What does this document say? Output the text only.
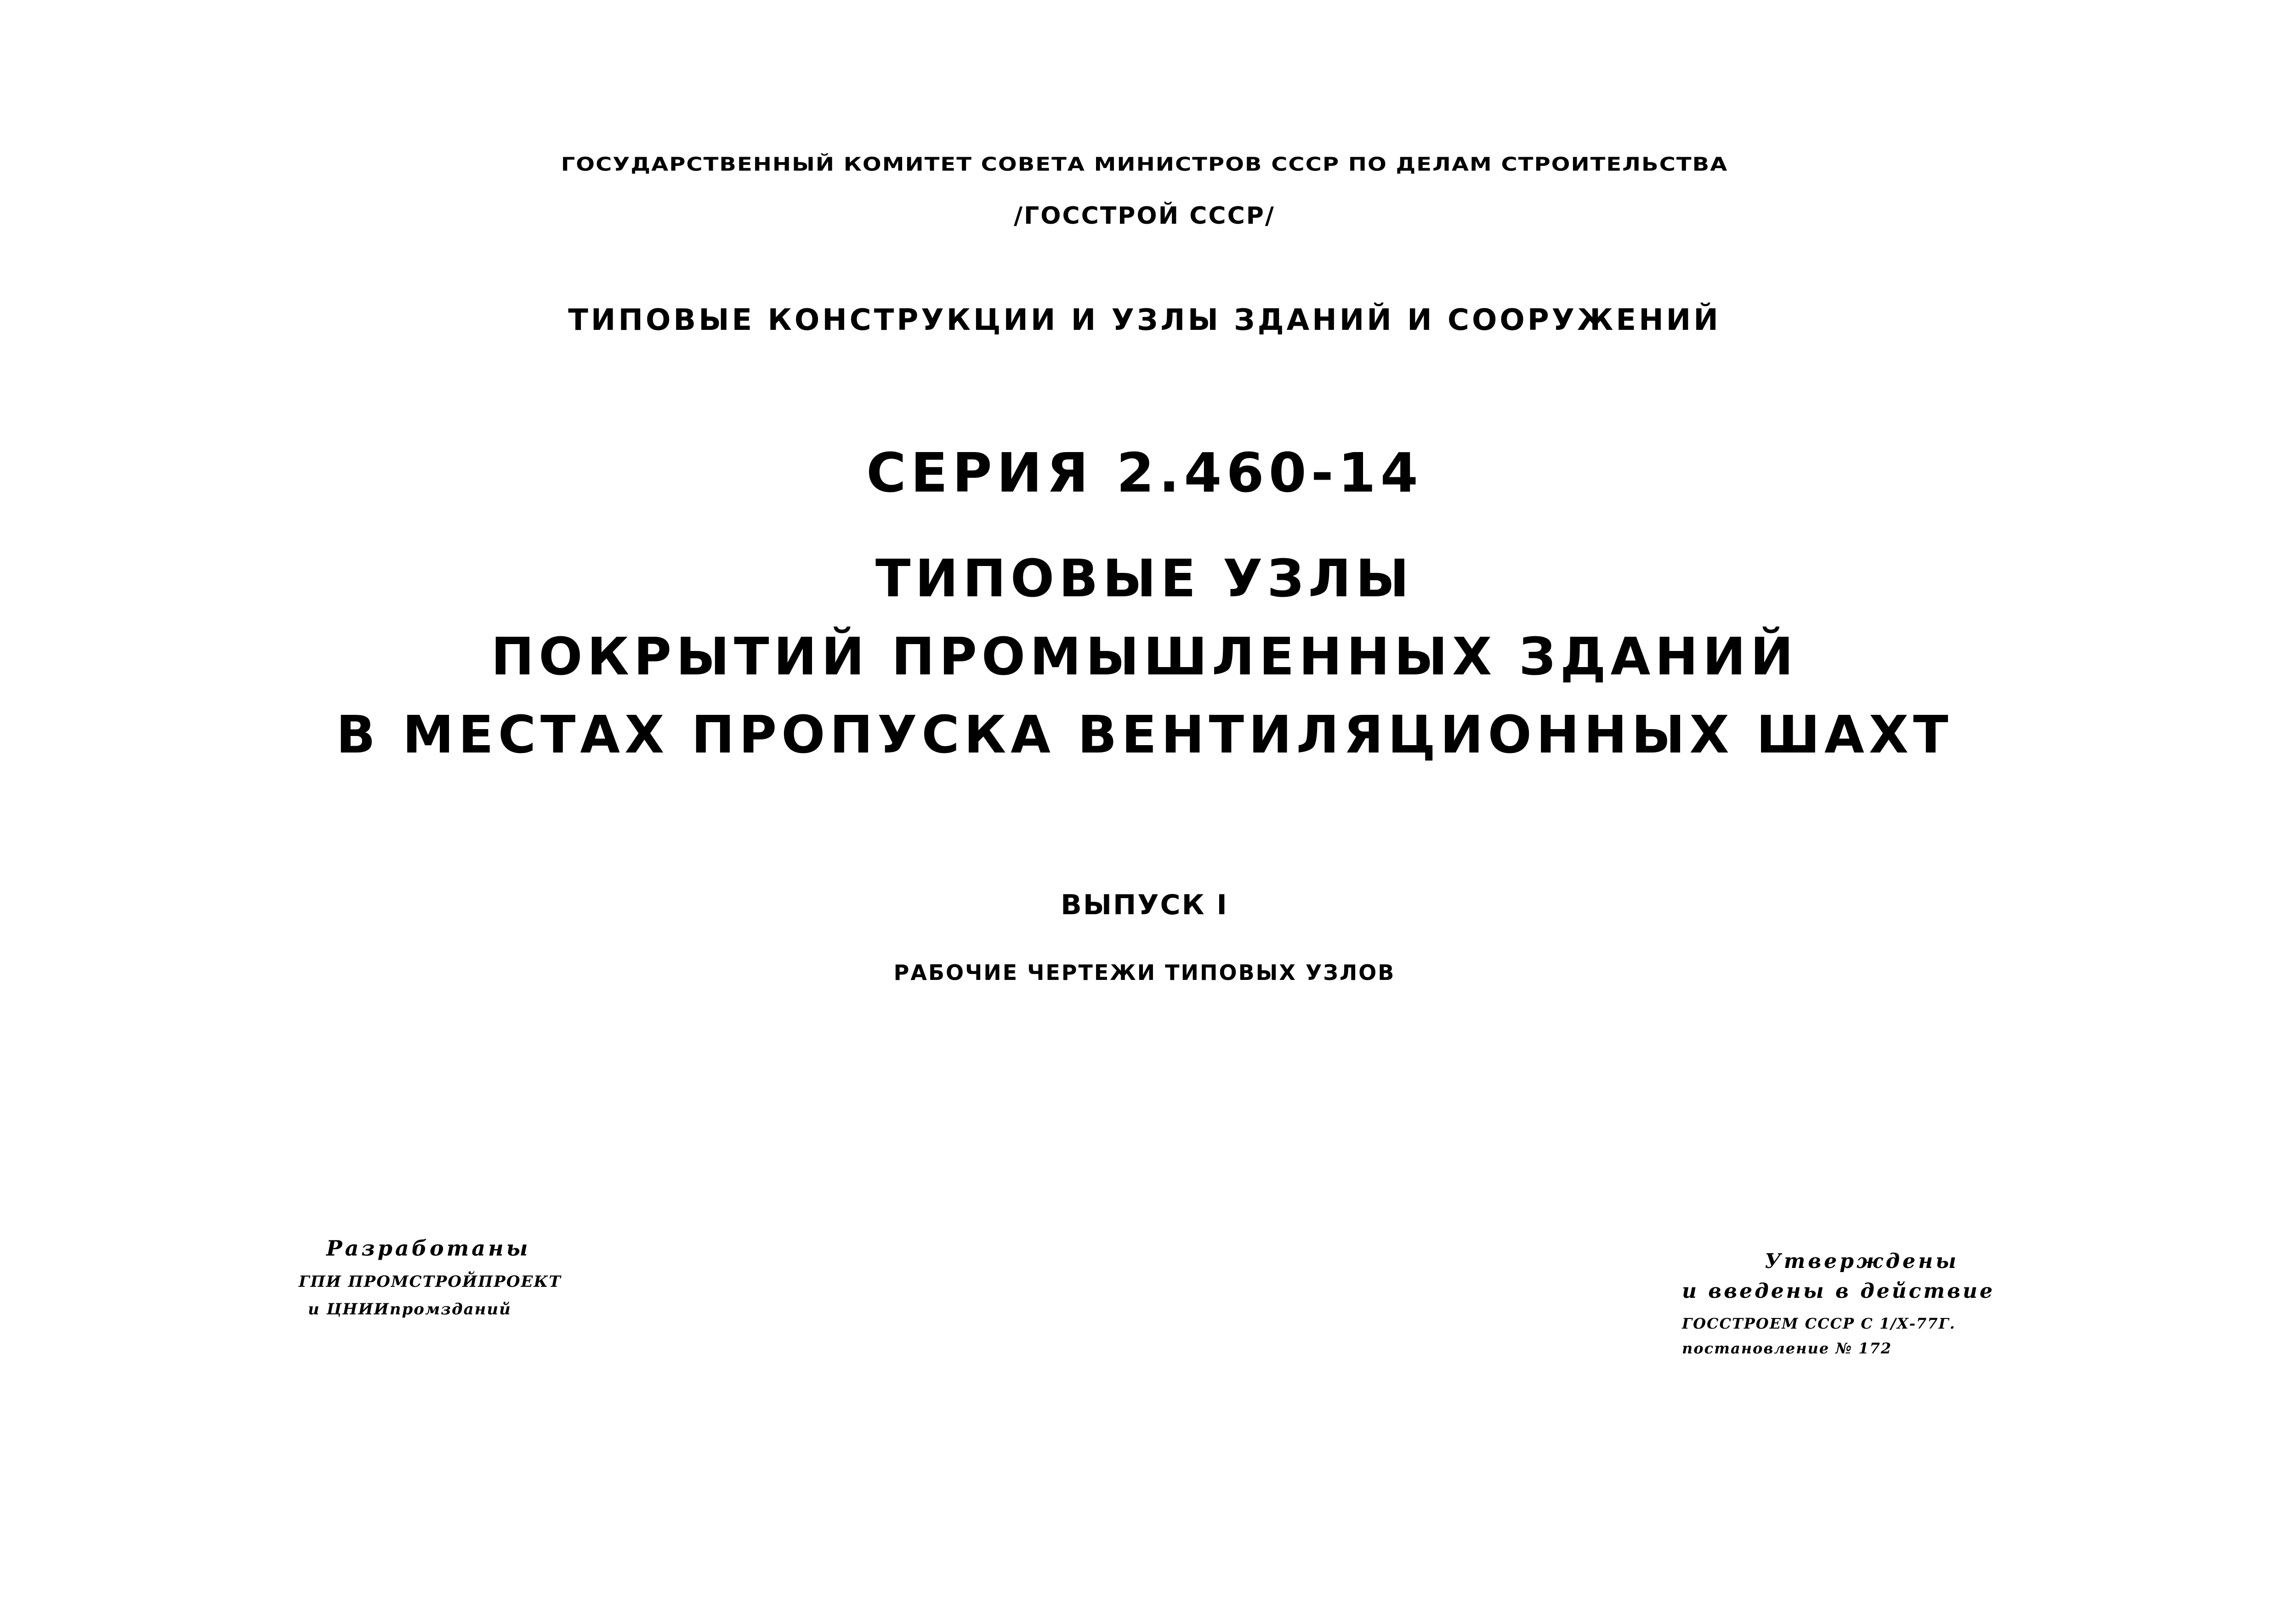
ГОСУДАРСТВЕННЫЙ КОМИТЕТ СОВЕТА МИНИСТРОВ СССР ПО ДЕЛАМ СТРОИТЕЛЬСТВА
/ГОССТРОЙ СССР/
ТИПОВЫЕ КОНСТРУКЦИИ И УЗЛЫ ЗДАНИЙ И СООРУЖЕНИЙ
СЕРИЯ 2.460-14
ТИПОВЫЕ УЗЛЫ
ПОКРЫТИЙ ПРОМЫШЛЕННЫХ ЗДАНИЙ
В МЕСТАХ ПРОПУСКА ВЕНТИЛЯЦИОННЫХ ШАХТ
ВЫПУСК I
РАБОЧИЕ ЧЕРТЕЖИ ТИПОВЫХ УЗЛОВ
Разработаны
ГПИ ПРОМСТРОЙПРОЕКТ
и ЦНИИпромзданий
Утверждены
и введены в действие
ГОССТРОЕМ СССР С 1/Х-77Г.
постановление № 172
